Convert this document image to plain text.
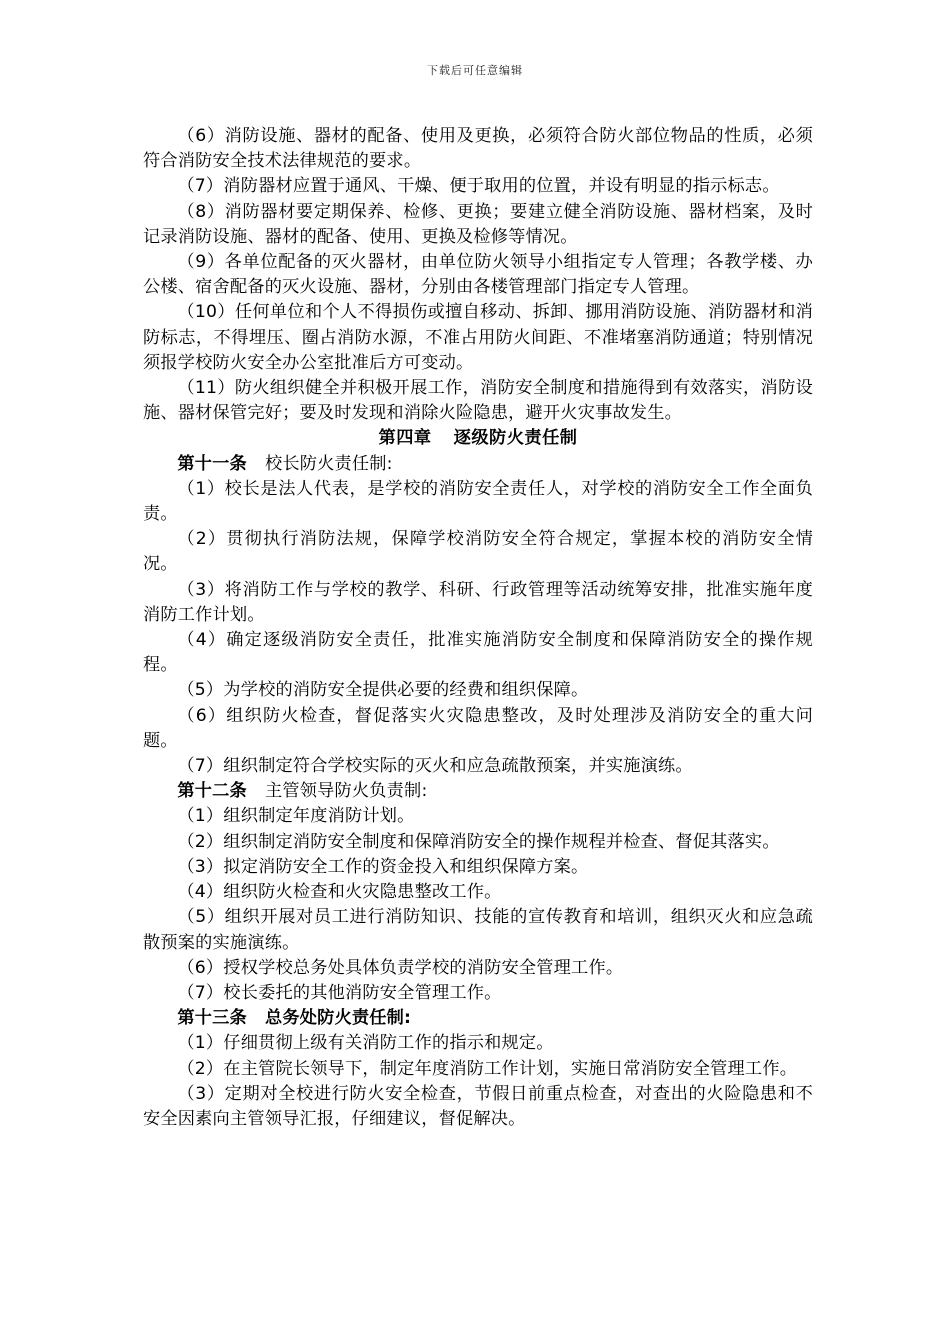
下载后可任意编辑

（6）消防设施、器材的配备、使用及更换，必须符合防火部位物品的性质，必须符合消防安全技术法律规范的要求。

（7）消防器材应置于通风、干燥、便于取用的位置，并设有明显的指示标志。

（8）消防器材要定期保养、检修、更换；要建立健全消防设施、器材档案，及时记录消防设施、器材的配备、使用、更换及检修等情况。

（9）各单位配备的灭火器材，由单位防火领导小组指定专人管理；各教学楼、办公楼、宿舍配备的灭火设施、器材，分别由各楼管理部门指定专人管理。

（10）任何单位和个人不得损伤或擅自移动、拆卸、挪用消防设施、消防器材和消防标志，不得埋压、圈占消防水源，不准占用防火间距、不准堵塞消防通道；特别情况须报学校防火安全办公室批准后方可变动。

（11）防火组织健全并积极开展工作，消防安全制度和措施得到有效落实，消防设施、器材保管完好；要及时发现和消除火险隐患，避开火灾事故发生。

第四章 逐级防火责任制

第十一条 校长防火责任制:

（1）校长是法人代表，是学校的消防安全责任人，对学校的消防安全工作全面负责。

（2）贯彻执行消防法规，保障学校消防安全符合规定，掌握本校的消防安全情况。

（3）将消防工作与学校的教学、科研、行政管理等活动统筹安排，批准实施年度消防工作计划。

（4）确定逐级消防安全责任，批准实施消防安全制度和保障消防安全的操作规程。

（5）为学校的消防安全提供必要的经费和组织保障。

（6）组织防火检查，督促落实火灾隐患整改，及时处理涉及消防安全的重大问题。

（7）组织制定符合学校实际的灭火和应急疏散预案，并实施演练。

第十二条 主管领导防火负责制:

（1）组织制定年度消防计划。

（2）组织制定消防安全制度和保障消防安全的操作规程并检查、督促其落实。

（3）拟定消防安全工作的资金投入和组织保障方案。

（4）组织防火检查和火灾隐患整改工作。

（5）组织开展对员工进行消防知识、技能的宣传教育和培训，组织灭火和应急疏散预案的实施演练。

（6）授权学校总务处具体负责学校的消防安全管理工作。

（7）校长委托的其他消防安全管理工作。

第十三条 总务处防火责任制:

（1）仔细贯彻上级有关消防工作的指示和规定。

（2）在主管院长领导下，制定年度消防工作计划，实施日常消防安全管理工作。

（3）定期对全校进行防火安全检查，节假日前重点检查，对查出的火险隐患和不安全因素向主管领导汇报，仔细建议，督促解决。
